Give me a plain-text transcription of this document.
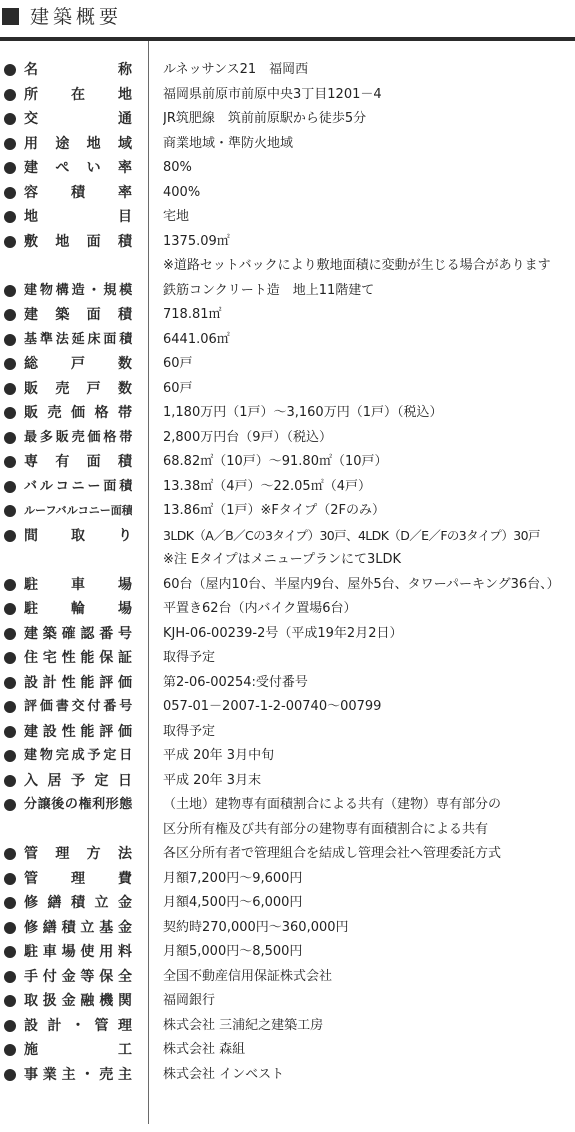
建築概要
名称 ルネッサンス21　福岡西
所在地 福岡県前原市前原中央3丁目1201－4
交通 JR筑肥線　筑前前原駅から徒歩5分
用途地域 商業地域・準防火地域
建ぺい率 80%
容積率 400%
地目 宅地
敷地面積 1375.09㎡
※道路セットバックにより敷地面積に変動が生じる場合があります
建物構造・規模 鉄筋コンクリート造　地上11階建て
建築面積 718.81㎡
基準法延床面積 6441.06㎡
総戸数 60戸
販売戸数 60戸
販売価格帯 1,180万円（1戸）～3,160万円（1戸）（税込）
最多販売価格帯 2,800万円台（9戸）（税込）
専有面積 68.82㎡（10戸）～91.80㎡（10戸）
バルコニー面積 13.38㎡（4戸）～22.05㎡（4戸）
ルーフバルコニー面積 13.86㎡（1戸）※Fタイプ（2Fのみ）
間取り 3LDK（A／B／Cの3タイプ）30戸、4LDK（D／E／Fの3タイプ）30戸
※注 Eタイプはメニュープランにて3LDK
駐車場 60台（屋内10台、半屋内9台、屋外5台、タワーパーキング36台、）
駐輪場 平置き62台（内バイク置場6台）
建築確認番号 KJH-06-00239-2号（平成19年2月2日）
住宅性能保証 取得予定
設計性能評価 第2-06-00254:受付番号
評価書交付番号 057-01－2007-1-2-00740～00799
建設性能評価 取得予定
建物完成予定日 平成 20年 3月中旬
入居予定日 平成 20年 3月末
分譲後の権利形態 （土地）建物専有面積割合による共有（建物）専有部分の
区分所有権及び共有部分の建物専有面積割合による共有
管理方法 各区分所有者で管理組合を結成し管理会社へ管理委託方式
管理費 月額7,200円～9,600円
修繕積立金 月額4,500円～6,000円
修繕積立基金 契約時270,000円～360,000円
駐車場使用料 月額5,000円～8,500円
手付金等保全 全国不動産信用保証株式会社
取扱金融機関 福岡銀行
設計・管理 株式会社 三浦紀之建築工房
施工 株式会社 森組
事業主・売主 株式会社 インベスト
